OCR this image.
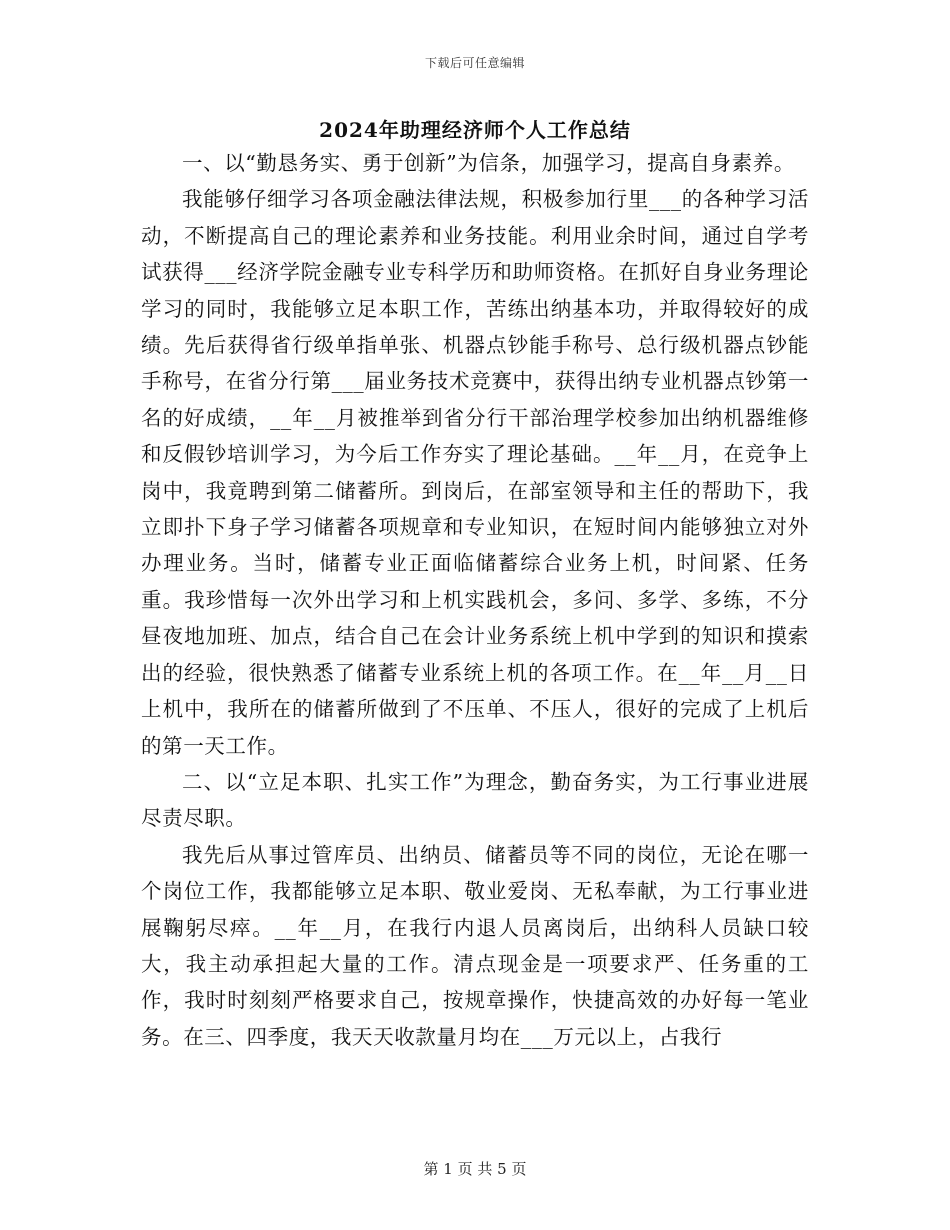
下载后可任意编辑
2024年助理经济师个人工作总结

一、以“勤恳务实、勇于创新”为信条，加强学习，提高自身素养。

我能够仔细学习各项金融法律法规，积极参加行里___的各种学习活动，不断提高自己的理论素养和业务技能。利用业余时间，通过自学考试获得___经济学院金融专业专科学历和助师资格。在抓好自身业务理论学习的同时，我能够立足本职工作，苦练出纳基本功，并取得较好的成绩。先后获得省行级单指单张、机器点钞能手称号、总行级机器点钞能手称号，在省分行第___届业务技术竞赛中，获得出纳专业机器点钞第一名的好成绩，__年__月被推举到省分行干部治理学校参加出纳机器维修和反假钞培训学习，为今后工作夯实了理论基础。__年__月，在竞争上岗中，我竟聘到第二储蓄所。到岗后，在部室领导和主任的帮助下，我立即扑下身子学习储蓄各项规章和专业知识，在短时间内能够独立对外办理业务。当时，储蓄专业正面临储蓄综合业务上机，时间紧、任务重。我珍惜每一次外出学习和上机实践机会，多问、多学、多练，不分昼夜地加班、加点，结合自己在会计业务系统上机中学到的知识和摸索出的经验，很快熟悉了储蓄专业系统上机的各项工作。在__年__月__日上机中，我所在的储蓄所做到了不压单、不压人，很好的完成了上机后的第一天工作。

二、以“立足本职、扎实工作”为理念，勤奋务实，为工行事业进展尽责尽职。

我先后从事过管库员、出纳员、储蓄员等不同的岗位，无论在哪一个岗位工作，我都能够立足本职、敬业爱岗、无私奉献，为工行事业进展鞠躬尽瘁。__年__月，在我行内退人员离岗后，出纳科人员缺口较大，我主动承担起大量的工作。清点现金是一项要求严、任务重的工作，我时时刻刻严格要求自己，按规章操作，快捷高效的办好每一笔业务。在三、四季度，我天天收款量月均在___万元以上，占我行

第 1 页 共 5 页
